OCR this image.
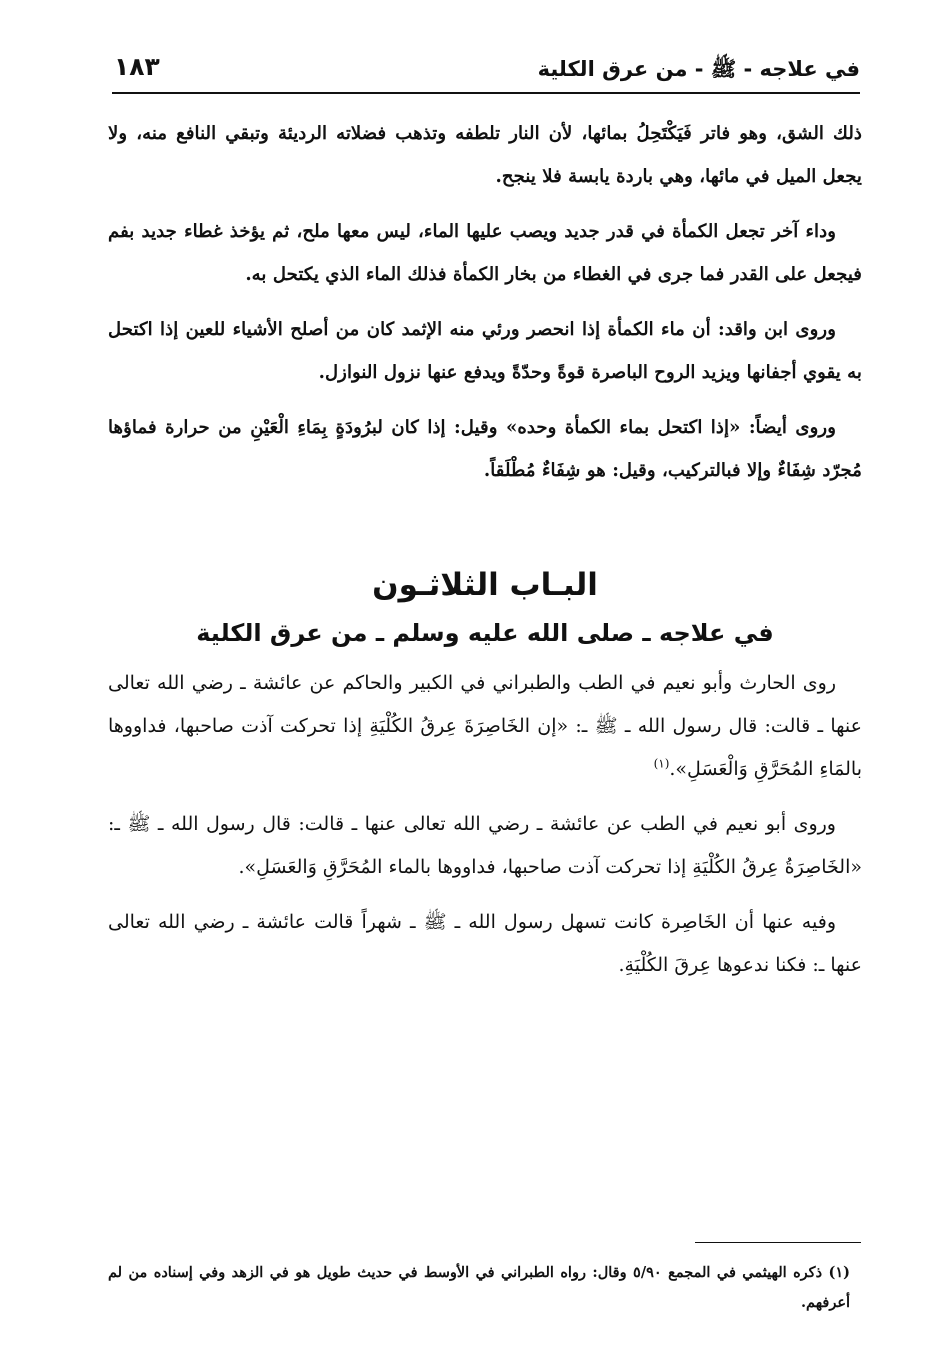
في علاجه - ﷺ - من عرق الكلية
١٨٣

ذلك الشق، وهو فاتر فَيَكْتَحِلُ بمائها، لأن النار تلطفه وتذهب فضلاته الرديئة وتبقي النافع منه، ولا يجعل الميل في مائها، وهي باردة يابسة فلا ينجح.

وداء آخر تجعل الكمأة في قدر جديد ويصب عليها الماء، ليس معها ملح، ثم يؤخذ غطاء جديد بفم فيجعل على القدر فما جرى في الغطاء من بخار الكمأة فذلك الماء الذي يكتحل به.

وروى ابن واقد: أن ماء الكمأة إذا انحصر ورئي منه الإثمد كان من أصلح الأشياء للعين إذا اكتحل به يقوي أجفانها ويزيد الروح الباصرة قوةً وحدّةً ويدفع عنها نزول النوازل.

وروى أيضاً: «إذا اكتحل بماء الكمأة وحده» وقيل: إذا كان لبرُودَةٍ بِمَاءِ الْعَيْنِ من حرارة فماؤها مُجرّد شِفَاءٌ وإلا فبالتركيب، وقيل: هو شِفَاءٌ مُطْلَقاً.

البـاب الثلاثـون
في علاجه ـ صلى الله عليه وسلم ـ من عرق الكلية

روى الحارث وأبو نعيم في الطب والطبراني في الكبير والحاكم عن عائشة ـ رضي الله تعالى عنها ـ قالت: قال رسول الله ـ ﷺ ـ: «إن الخَاصِرَةَ عِرقُ الكُلْيَةِ إذا تحركت آذت صاحبها، فداووها بالمَاءِ المُحَرَّقِ وَالْعَسَلِ».$^{(١)}$

وروى أبو نعيم في الطب عن عائشة ـ رضي الله تعالى عنها ـ قالت: قال رسول الله ـ ﷺ ـ: «الخَاصِرَةُ عِرقُ الكُلْيَةِ إذا تحركت آذت صاحبها، فداووها بالماء المُحَرَّقِ وَالعَسَلِ».

وفيه عنها أن الخَاصِرة كانت تسهل رسول الله ـ ﷺ ـ شهراً قالت عائشة ـ رضي الله تعالى عنها ـ: فكنا ندعوها عِرقَ الكُلْيَةِ.

(١) ذكره الهيثمي في المجمع ٥/٩٠ وقال: رواه الطبراني في الأوسط في حديث طويل هو في الزهد وفي إسناده من لم أعرفهم.
